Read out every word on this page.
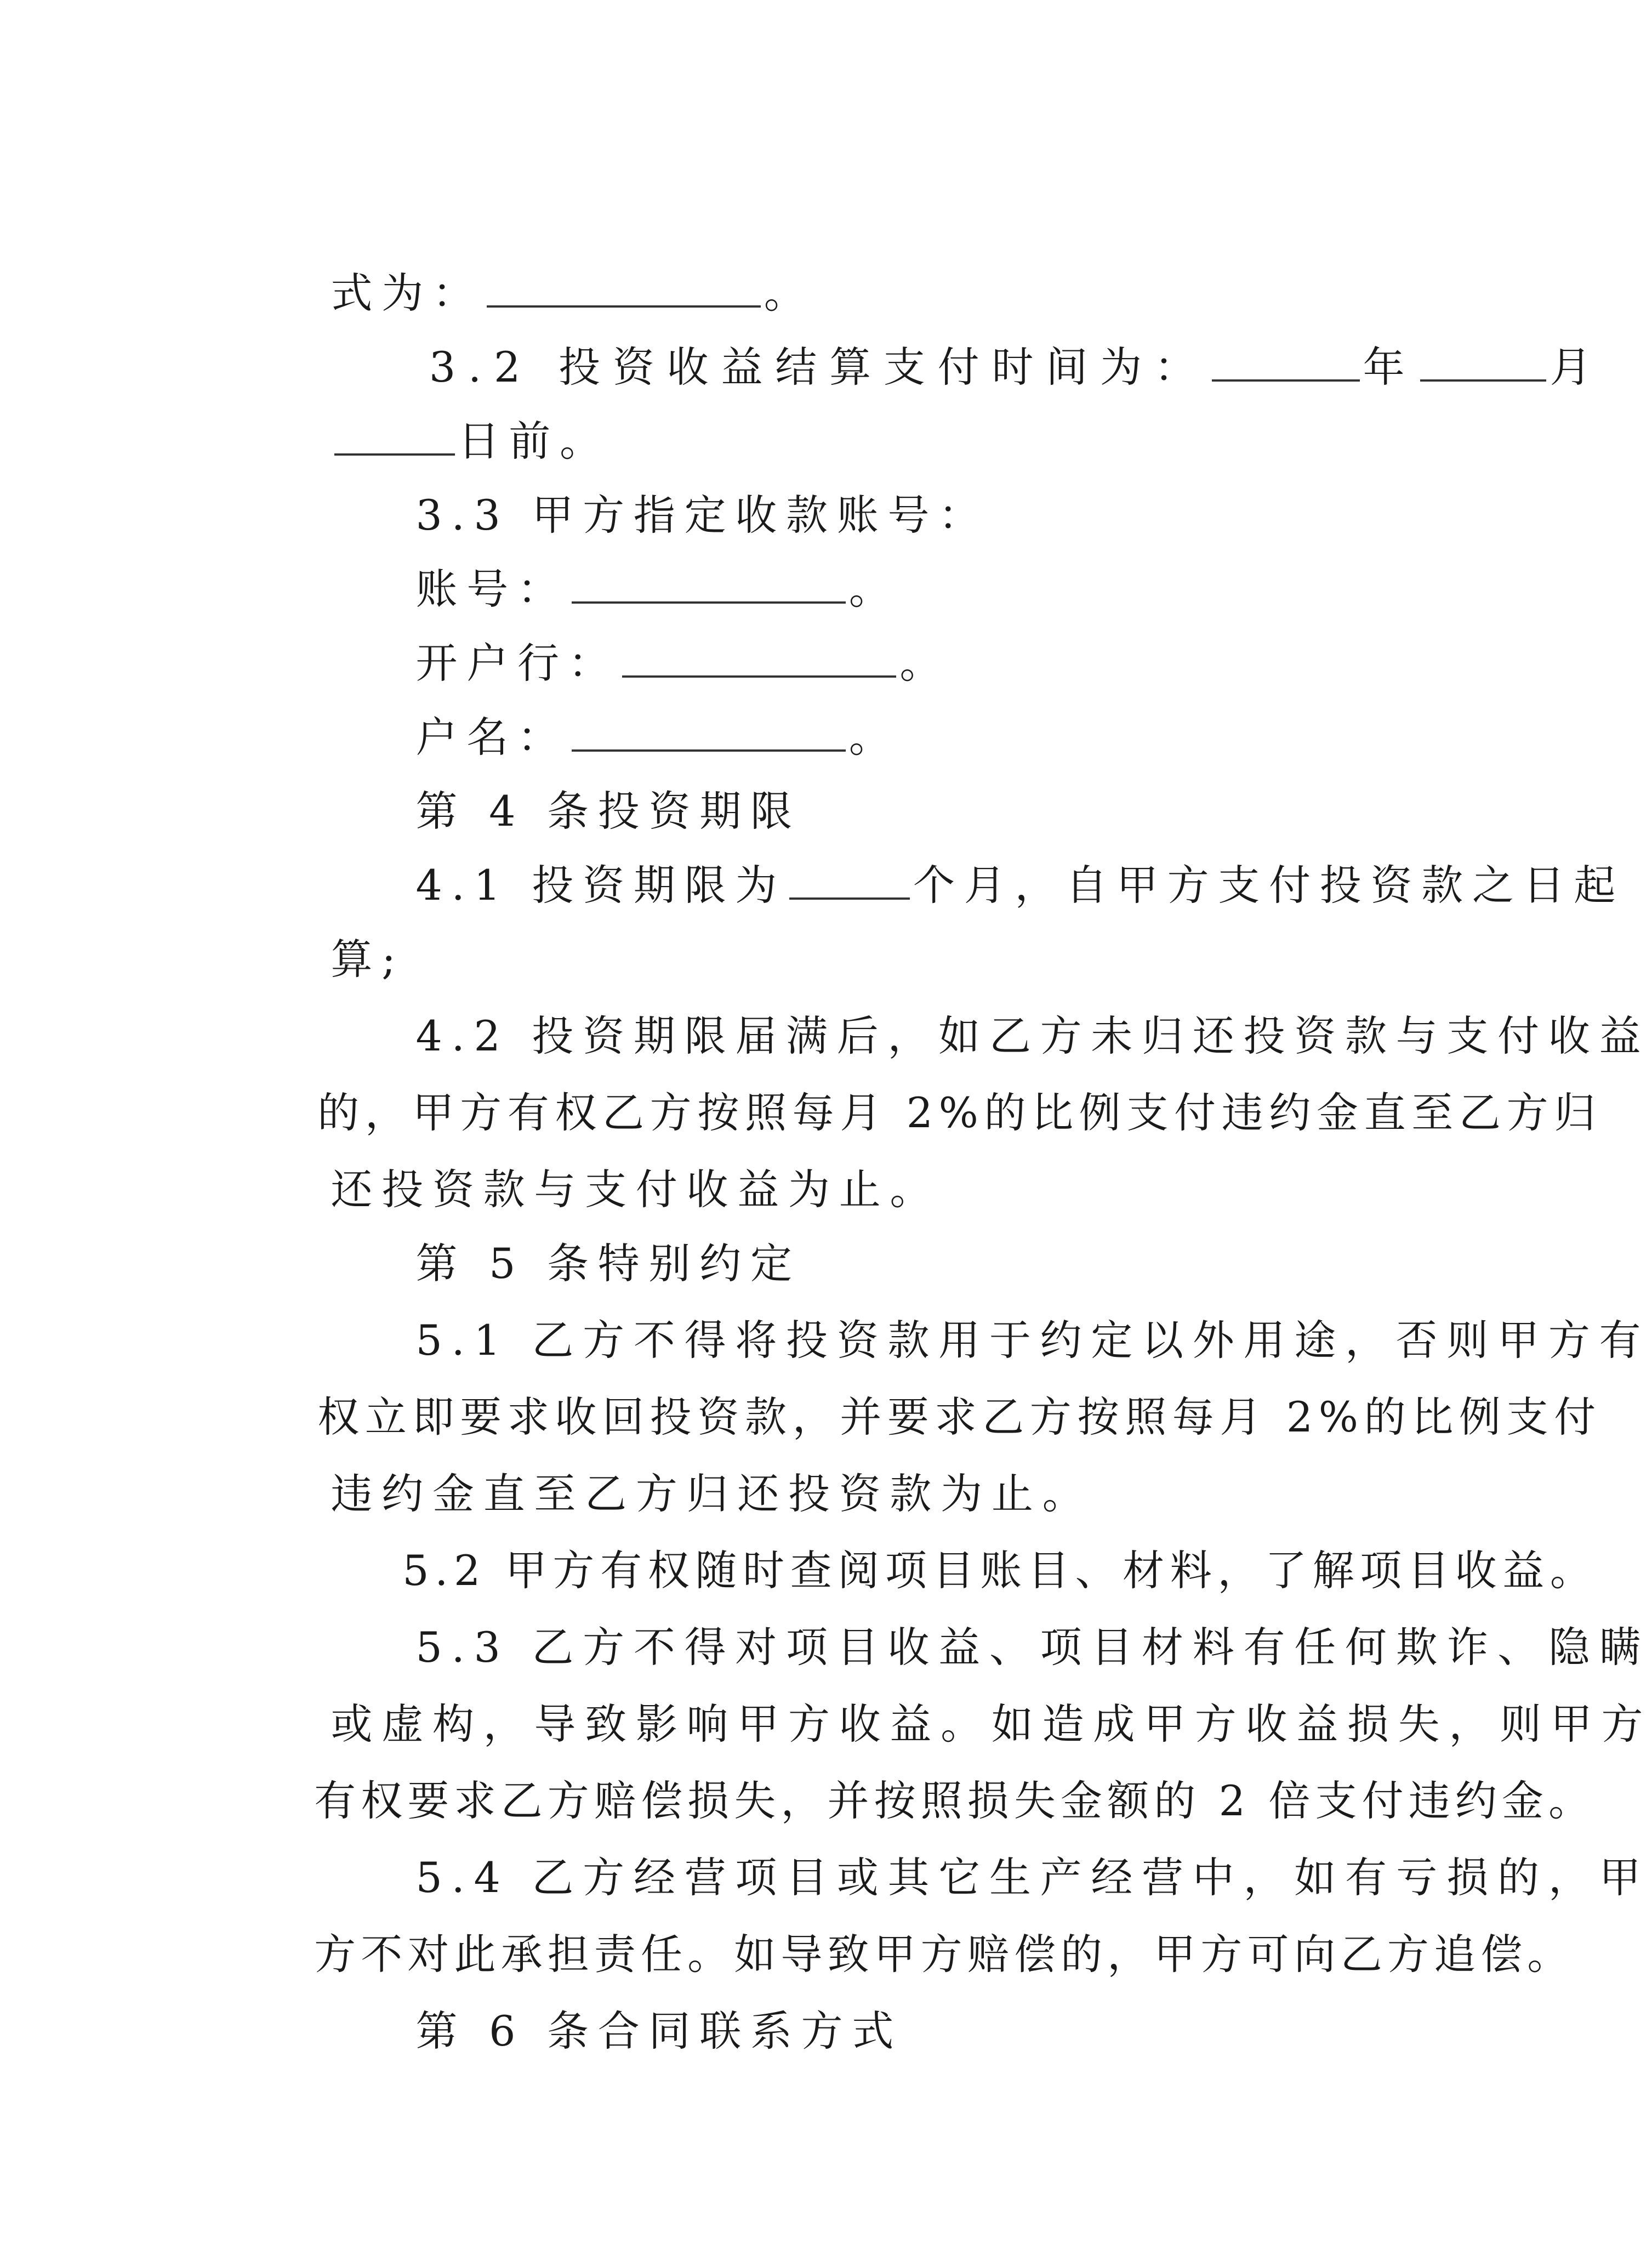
式为：	。

3.2 投资收益结算支付时间为：	年	月

日前。

3.3 甲方指定收款账号：

账号：	。

开户行：	。

户名：	。

第 4 条投资期限

4.1 投资期限为	个月，自甲方支付投资款之日起

算;

4.2 投资期限届满后，如乙方未归还投资款与支付收益

的，甲方有权乙方按照每月 2%的比例支付违约金直至乙方归

还投资款与支付收益为止。

第 5 条特别约定

5.1 乙方不得将投资款用于约定以外用途，否则甲方有

权立即要求收回投资款，并要求乙方按照每月 2%的比例支付

违约金直至乙方归还投资款为止。

5.2 甲方有权随时查阅项目账目、材料，了解项目收益。

5.3 乙方不得对项目收益、项目材料有任何欺诈、隐瞒

或虚构，导致影响甲方收益。如造成甲方收益损失，则甲方

有权要求乙方赔偿损失，并按照损失金额的 2 倍支付违约金。

5.4 乙方经营项目或其它生产经营中，如有亏损的，甲

方不对此承担责任。如导致甲方赔偿的，甲方可向乙方追偿。

第 6 条合同联系方式
